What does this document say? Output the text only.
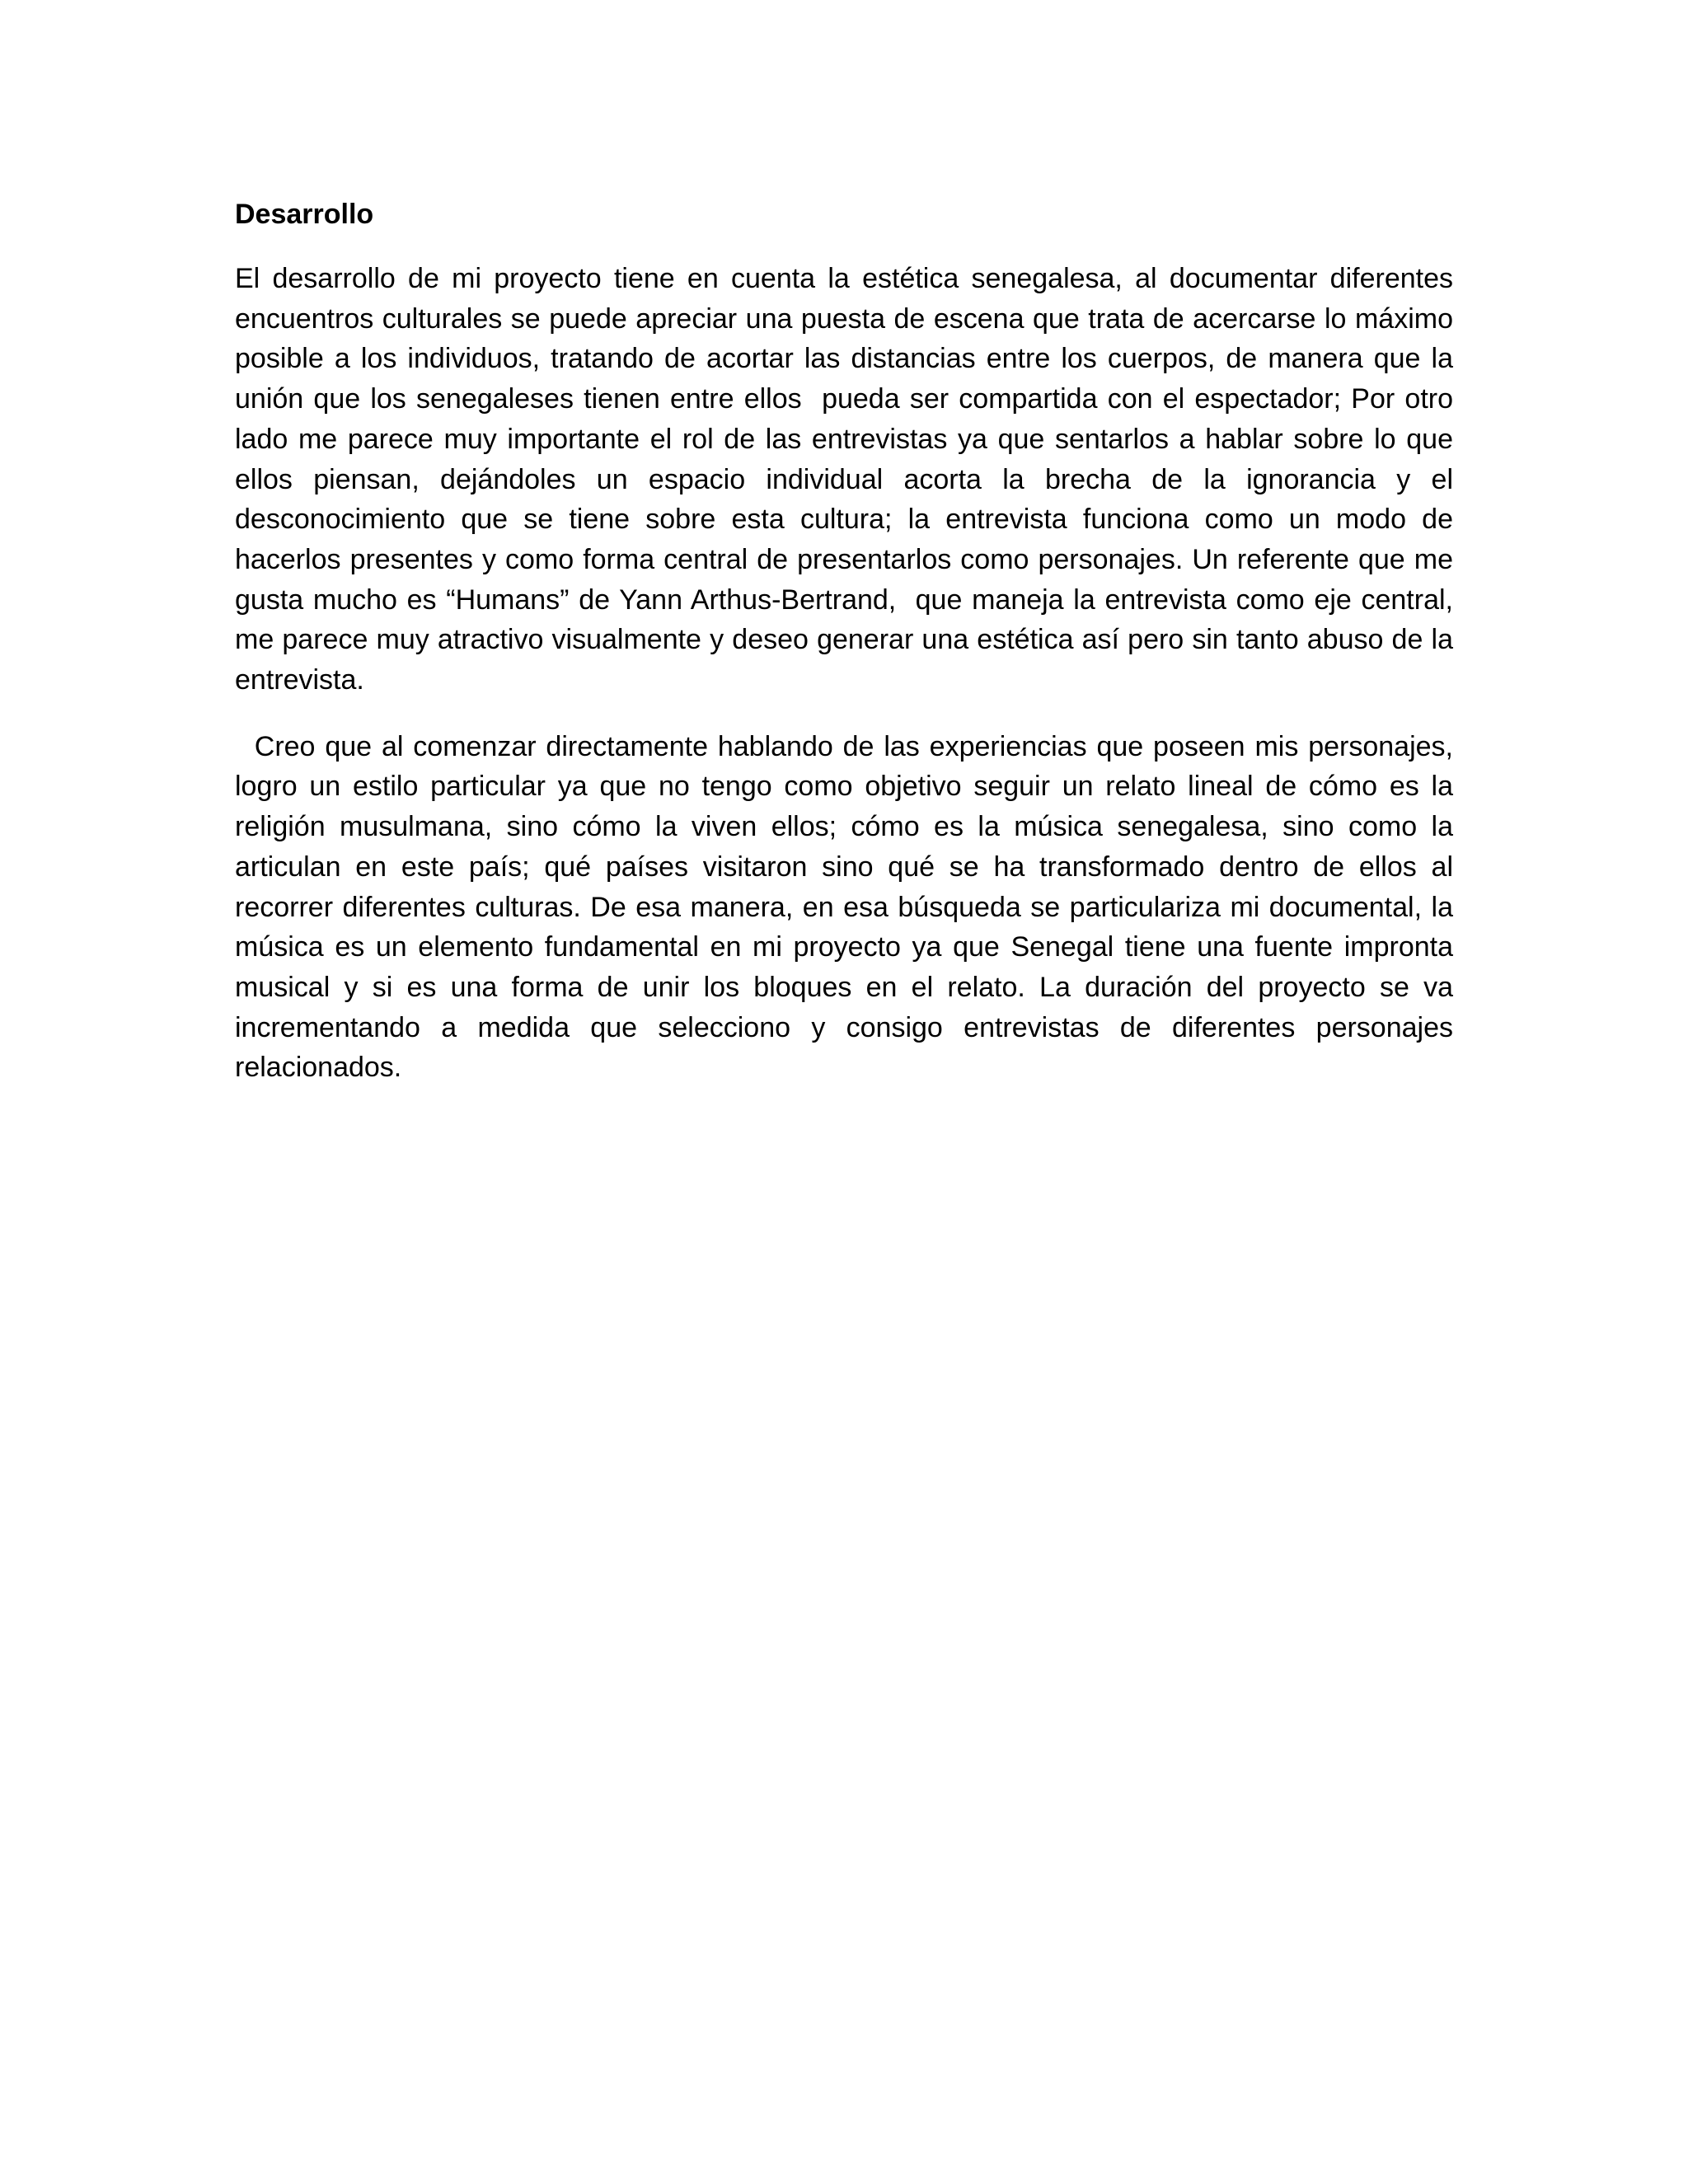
Desarrollo

El desarrollo de mi proyecto tiene en cuenta la estética senegalesa, al documentar diferentes encuentros culturales se puede apreciar una puesta de escena que trata de acercarse lo máximo posible a los individuos, tratando de acortar las distancias entre los cuerpos, de manera que la unión que los senegaleses tienen entre ellos  pueda ser compartida con el espectador; Por otro lado me parece muy importante el rol de las entrevistas ya que sentarlos a hablar sobre lo que ellos piensan, dejándoles un espacio individual acorta la brecha de la ignorancia y el desconocimiento que se tiene sobre esta cultura; la entrevista funciona como un modo de hacerlos presentes y como forma central de presentarlos como personajes. Un referente que me gusta mucho es “Humans” de Yann Arthus-Bertrand,  que maneja la entrevista como eje central, me parece muy atractivo visualmente y deseo generar una estética así pero sin tanto abuso de la entrevista.

Creo que al comenzar directamente hablando de las experiencias que poseen mis personajes, logro un estilo particular ya que no tengo como objetivo seguir un relato lineal de cómo es la religión musulmana, sino cómo la viven ellos; cómo es la música senegalesa, sino como la articulan en este país; qué países visitaron sino qué se ha transformado dentro de ellos al recorrer diferentes culturas. De esa manera, en esa búsqueda se particulariza mi documental, la música es un elemento fundamental en mi proyecto ya que Senegal tiene una fuente impronta musical y si es una forma de unir los bloques en el relato. La duración del proyecto se va incrementando a medida que selecciono y consigo entrevistas de diferentes personajes relacionados.
